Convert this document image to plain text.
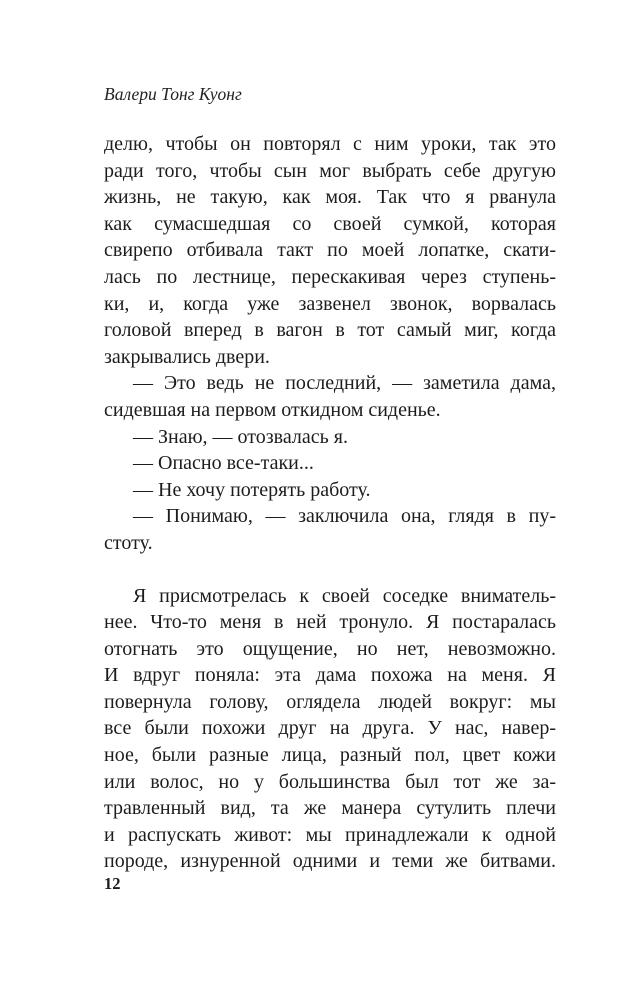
Валери Тонг Куонг
делю, чтобы он повторял с ним уроки, так это
ради того, чтобы сын мог выбрать себе другую
жизнь, не такую, как моя. Так что я рванула
как сумасшедшая со своей сумкой, которая
свирепо отбивала такт по моей лопатке, скати-
лась по лестнице, перескакивая через ступень-
ки, и, когда уже зазвенел звонок, ворвалась
головой вперед в вагон в тот самый миг, когда
закрывались двери.
— Это ведь не последний, — заметила дама,
сидевшая на первом откидном сиденье.
— Знаю, — отозвалась я.
— Опасно все-таки...
— Не хочу потерять работу.
— Понимаю, — заключила она, глядя в пу-
стоту.
Я присмотрелась к своей соседке вниматель-
нее. Что-то меня в ней тронуло. Я постаралась
отогнать это ощущение, но нет, невозможно.
И вдруг поняла: эта дама похожа на меня. Я
повернула голову, оглядела людей вокруг: мы
все были похожи друг на друга. У нас, навер-
ное, были разные лица, разный пол, цвет кожи
или волос, но у большинства был тот же за-
травленный вид, та же манера сутулить плечи
и распускать живот: мы принадлежали к одной
породе, изнуренной одними и теми же битвами.
12
